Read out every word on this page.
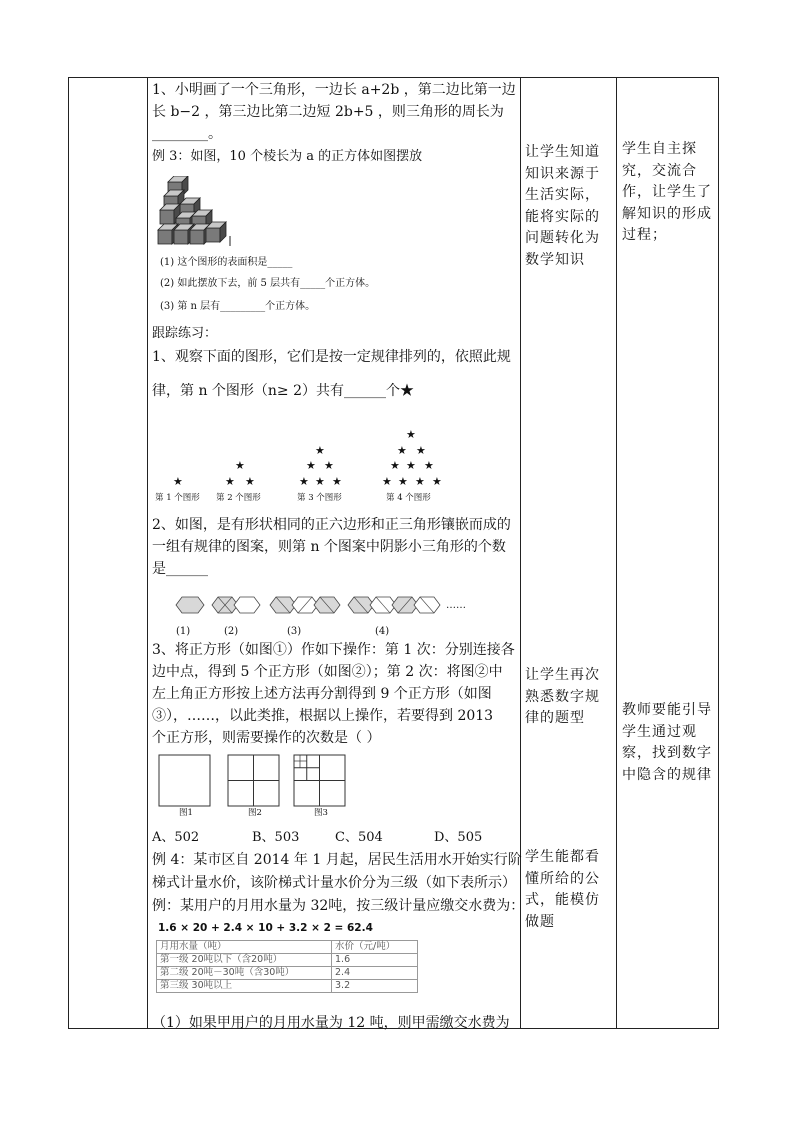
1、小明画了一个三角形，一边长 a+2b ，第二边比第一边
长 b−2 ，第三边比第二边短 2b+5 ，则三角形的周长为
________。
例 3：如图，10 个棱长为 a 的正方体如图摆放
(1) 这个图形的表面积是_____
(2) 如此摆放下去，前 5 层共有_____个正方体。
(3) 第 n 层有_________个正方体。
跟踪练习：
1、观察下面的图形，它们是按一定规律排列的，依照此规
律，第 n 个图形（n≥ 2）共有______个★
★
★
★ ★
★
★ ★
★ ★ ★
★
★ ★
★ ★ ★
★ ★ ★ ★
第 1 个图形 第 2 个图形	第 3 个图形	第 4 个图形
2、如图，是有形状相同的正六边形和正三角形镶嵌而成的
一组有规律的图案，则第 n 个图案中阴影小三角形的个数
是______
(1)	(2)	(3)	(4)
……
3、将正方形（如图①）作如下操作：第 1 次：分别连接各
边中点，得到 5 个正方形（如图②）；第 2 次：将图②中
左上角正方形按上述方法再分割得到 9 个正方形（如图
③），……，以此类推，根据以上操作，若要得到 2013
个正方形，则需要操作的次数是（ ）
图1	图2	图3
A、502	B、503	C、504	D、505
例 4：某市区自 2014 年 1 月起，居民生活用水开始实行阶
梯式计量水价，该阶梯式计量水价分为三级（如下表所示）
例：某用户的月用水量为 32吨，按三级计量应缴交水费为：
1.6 × 20 + 2.4 × 10 + 3.2 × 2 = 62.4
月用水量（吨）	水价（元/吨）
第一级 20吨以下（含20吨）	1.6
第二级 20吨－30吨（含30吨）	2.4
第三级 30吨以上	3.2
（1）如果甲用户的月用水量为 12 吨，则甲需缴交水费为
让学生知道知识来源于生活实际，能将实际的问题转化为数学知识
让学生再次熟悉数字规律的题型
学生能都看懂所给的公式，能模仿做题
学生自主探究，交流合作，让学生了解知识的形成过程；
教师要能引导学生通过观察，找到数字中隐含的规律
